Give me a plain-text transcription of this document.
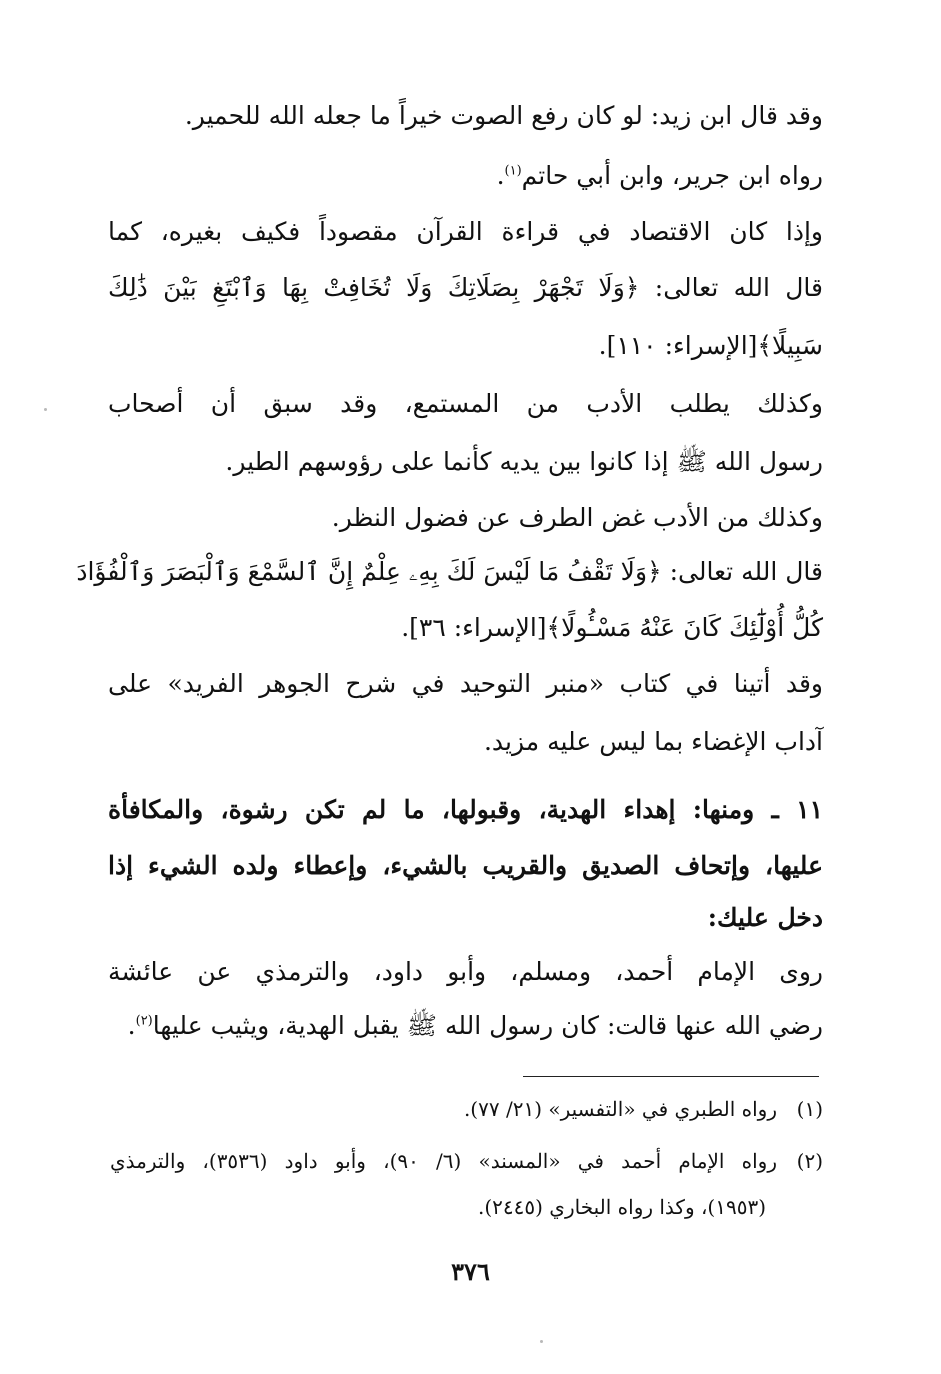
وقد قال ابن زيد: لو كان رفع الصوت خيراً ما جعله الله للحمير.
رواه ابن جرير، وابن أبي حاتم$^{(١)}$.
وإذا كان الاقتصاد في قراءة القرآن مقصوداً فكيف بغيره، كما
قال الله تعالى: ﴿وَلَا تَجْهَرْ بِصَلَاتِكَ وَلَا تُخَافِتْ بِهَا وَٱبْتَغِ بَيْنَ ذَٰلِكَ
سَبِيلًا﴾[الإسراء: ١١٠].
وكذلك يطلب الأدب من المستمع، وقد سبق أن أصحاب
رسول الله ﷺ إذا كانوا بين يديه كأنما على رؤوسهم الطير.
وكذلك من الأدب غض الطرف عن فضول النظر.
قال الله تعالى: ﴿وَلَا تَقْفُ مَا لَيْسَ لَكَ بِهِۦ عِلْمٌ إِنَّ ٱلسَّمْعَ وَٱلْبَصَرَ وَٱلْفُؤَادَ
كُلُّ أُوْلَٰٓئِكَ كَانَ عَنْهُ مَسْـُٔولًا﴾[الإسراء: ٣٦].
وقد أتينا في كتاب «منبر التوحيد في شرح الجوهر الفريد» على
آداب الإغضاء بما ليس عليه مزيد.
١١ ـ ومنها: إهداء الهدية، وقبولها، ما لم تكن رشوة، والمكافأة
عليها، وإتحاف الصديق والقريب بالشيء، وإعطاء ولده الشيء إذا
دخل عليك:
روى الإمام أحمد، ومسلم، وأبو داود، والترمذي عن عائشة
رضي الله عنها قالت: كان رسول الله ﷺ يقبل الهدية، ويثيب عليها$^{(٢)}$.
(١)رواه الطبري في «التفسير» (٢١/ ٧٧).
(٢)رواه الإمام أحمد في «المسند» (٦/ ٩٠)، وأبو داود (٣٥٣٦)، والترمذي
(١٩٥٣)، وكذا رواه البخاري (٢٤٤٥).
٣٧٦
